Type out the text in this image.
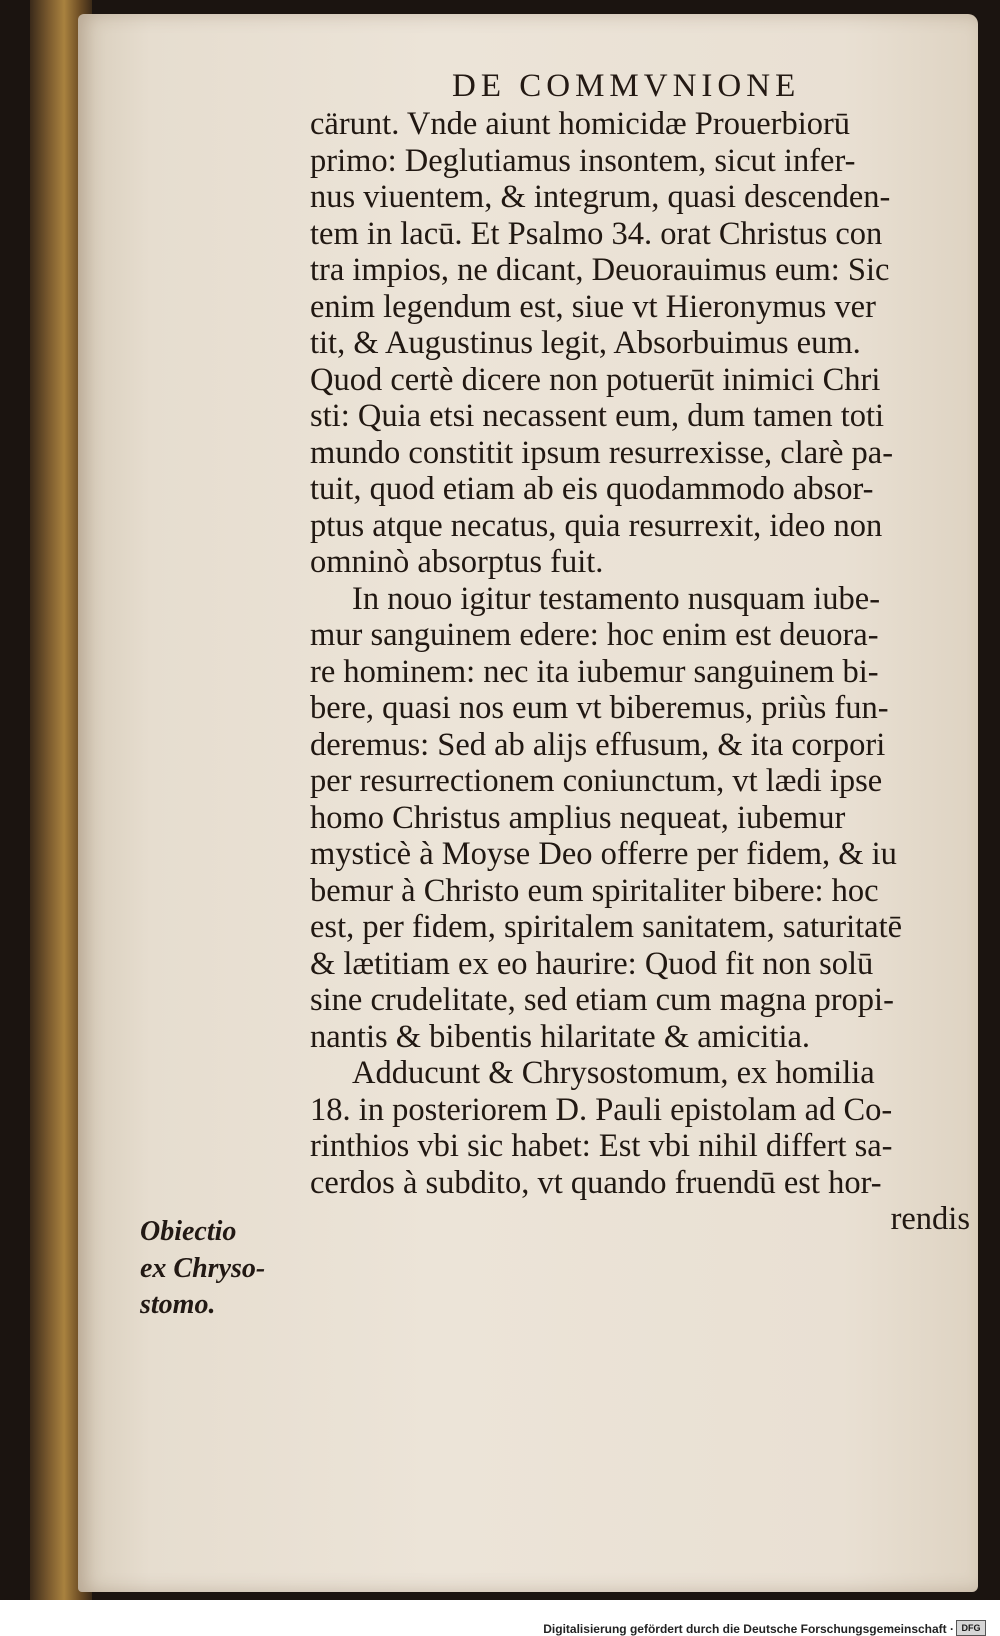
DE COMMVNIONE
cärunt. Vnde aiunt homicidæ Prouerbiorū
primo: Deglutiamus insontem, sicut infer-
nus viuentem, & integrum, quasi descenden-
tem in lacū. Et Psalmo 34. orat Christus con
tra impios, ne dicant, Deuorauimus eum: Sic
enim legendum est, siue vt Hieronymus ver
tit, & Augustinus legit, Absorbuimus eum.
Quod certè dicere non potuerūt inimici Chri
sti: Quia etsi necassent eum, dum tamen toti
mundo constitit ipsum resurrexisse, clarè pa-
tuit, quod etiam ab eis quodammodo absor-
ptus atque necatus, quia resurrexit, ideo non
omninò absorptus fuit.
In nouo igitur testamento nusquam iube-
mur sanguinem edere: hoc enim est deuora-
re hominem: nec ita iubemur sanguinem bi-
bere, quasi nos eum vt biberemus, priùs fun-
deremus: Sed ab alijs effusum, & ita corpori
per resurrectionem coniunctum, vt lædi ipse
homo Christus amplius nequeat, iubemur
mysticè à Moyse Deo offerre per fidem, & iu
bemur à Christo eum spiritaliter bibere: hoc
est, per fidem, spiritalem sanitatem, saturitatē
& lætitiam ex eo haurire: Quod fit non solū
sine crudelitate, sed etiam cum magna propi-
nantis & bibentis hilaritate & amicitia.
Adducunt & Chrysostomum, ex homilia
18. in posteriorem D. Pauli epistolam ad Co-
rinthios vbi sic habet: Est vbi nihil differt sa-
cerdos à subdito, vt quando fruendū est hor-
rendis
Obiectio
ex Chryso-
stomo.
Digitalisierung gefördert durch die Deutsche Forschungsgemeinschaft · DFG
